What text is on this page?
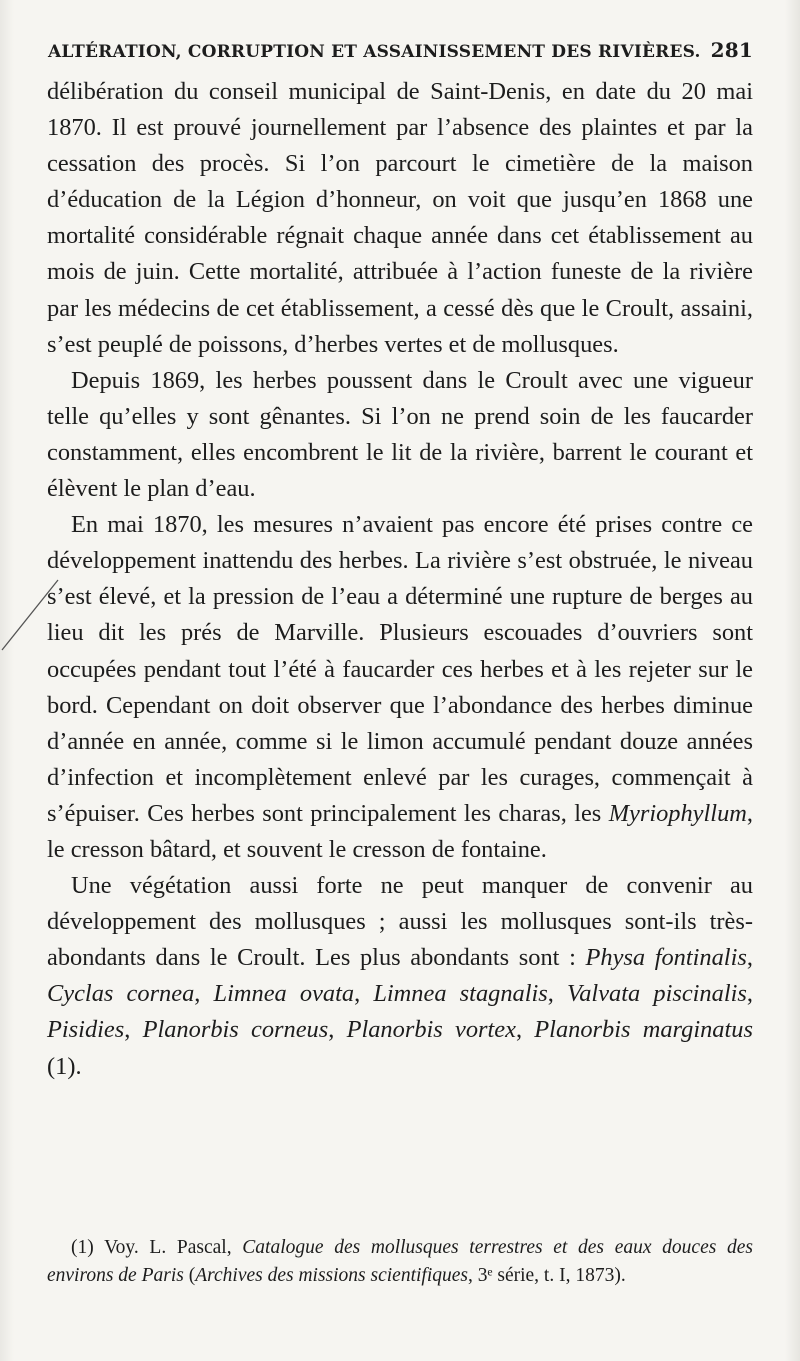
ALTÉRATION, CORRUPTION ET ASSAINISSEMENT DES RIVIÈRES. 281

délibération du conseil municipal de Saint-Denis, en date du 20 mai 1870. Il est prouvé journellement par l’absence des plaintes et par la cessation des procès. Si l’on parcourt le cimetière de la maison d’éducation de la Légion d’honneur, on voit que jusqu’en 1868 une mortalité considérable régnait chaque année dans cet établissement au mois de juin. Cette mortalité, attribuée à l’action funeste de la rivière par les médecins de cet établissement, a cessé dès que le Croult, assaini, s’est peuplé de poissons, d’herbes vertes et de mollusques.

Depuis 1869, les herbes poussent dans le Croult avec une vigueur telle qu’elles y sont gênantes. Si l’on ne prend soin de les faucarder constamment, elles encombrent le lit de la rivière, barrent le courant et élèvent le plan d’eau.

En mai 1870, les mesures n’avaient pas encore été prises contre ce développement inattendu des herbes. La rivière s’est obstruée, le niveau s’est élevé, et la pression de l’eau a déterminé une rupture de berges au lieu dit les prés de Marville. Plusieurs escouades d’ouvriers sont occupées pendant tout l’été à faucarder ces herbes et à les rejeter sur le bord. Cependant on doit observer que l’abondance des herbes diminue d’année en année, comme si le limon accumulé pendant douze années d’infection et incomplètement enlevé par les curages, commençait à s’épuiser. Ces herbes sont principalement les charas, les Myriophyllum, le cresson bâtard, et souvent le cresson de fontaine.

Une végétation aussi forte ne peut manquer de convenir au développement des mollusques ; aussi les mollusques sont-ils très-abondants dans le Croult. Les plus abondants sont : Physa fontinalis, Cyclas cornea, Limnea ovata, Limnea stagnalis, Valvata piscinalis, Pisidies, Planorbis corneus, Planorbis vortex, Planorbis marginatus (1).

(1) Voy. L. Pascal, Catalogue des mollusques terrestres et des eaux douces des environs de Paris (Archives des missions scientifiques, 3ᵉ série, t. I, 1873).
